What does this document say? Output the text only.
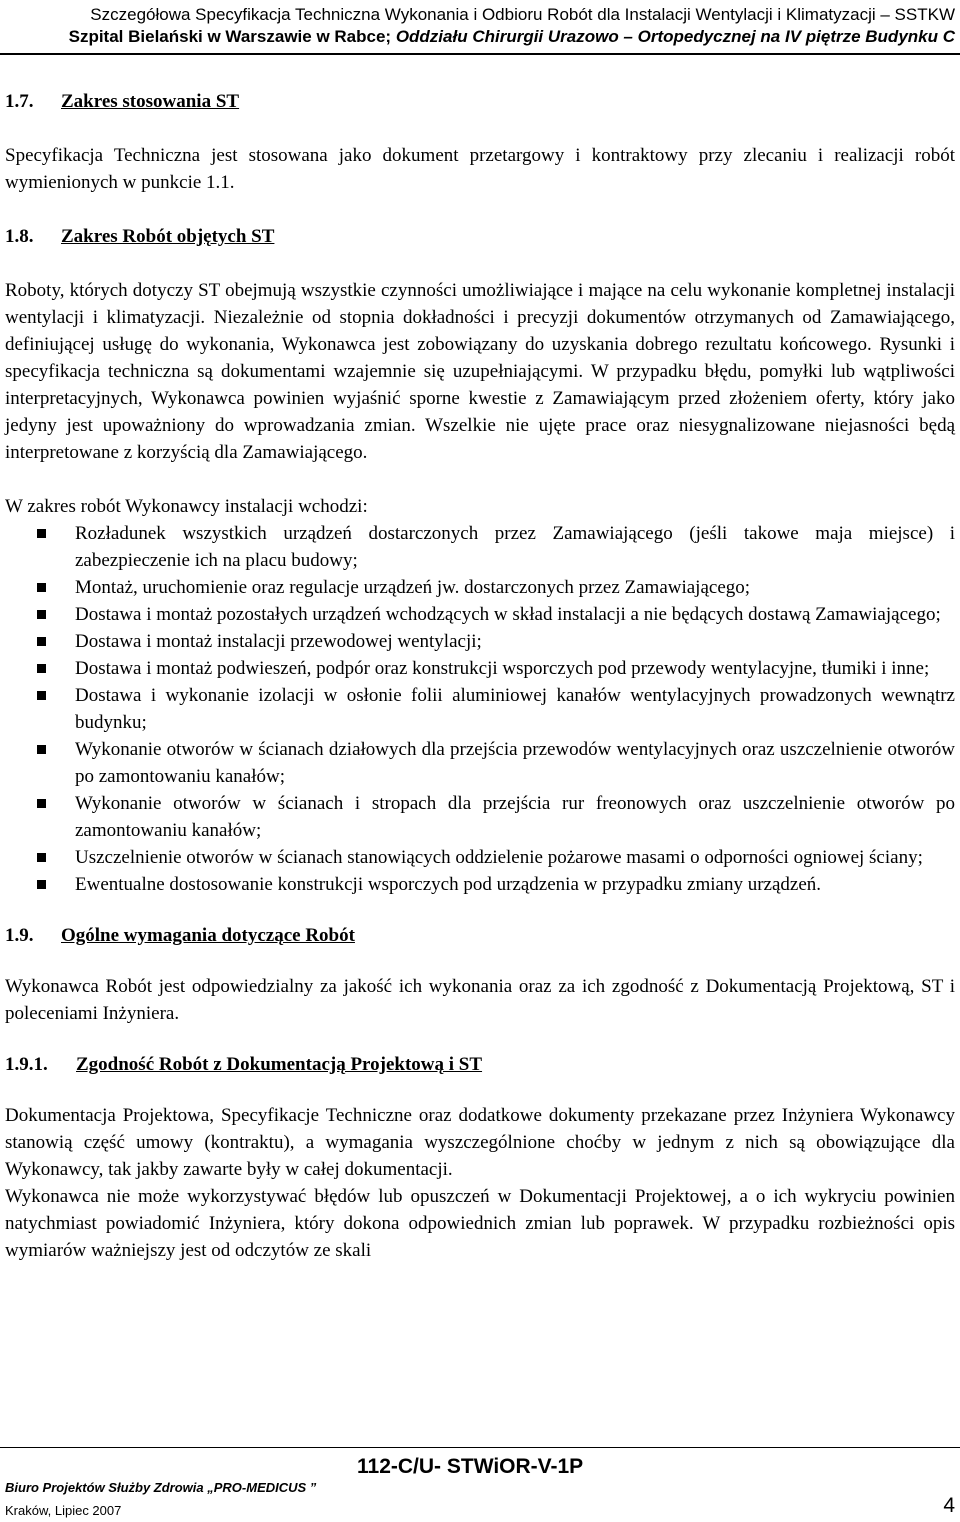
Szczegółowa Specyfikacja Techniczna Wykonania i Odbioru Robót dla Instalacji Wentylacji i Klimatyzacji – SSTKW
Szpital Bielański w Warszawie w Rabce; Oddziału Chirurgii Urazowo – Ortopedycznej na IV piętrze Budynku C

1.7. Zakres stosowania ST

Specyfikacja Techniczna jest stosowana jako dokument przetargowy i kontraktowy przy zlecaniu i realizacji robót wymienionych w punkcie 1.1.

1.8. Zakres Robót objętych ST

Roboty, których dotyczy ST obejmują wszystkie czynności umożliwiające i mające na celu wykonanie kompletnej instalacji wentylacji i klimatyzacji. Niezależnie od stopnia dokładności i precyzji dokumentów otrzymanych od Zamawiającego, definiującej usługę do wykonania, Wykonawca jest zobowiązany do uzyskania dobrego rezultatu końcowego. Rysunki i specyfikacja techniczna są dokumentami wzajemnie się uzupełniającymi. W przypadku błędu, pomyłki lub wątpliwości interpretacyjnych, Wykonawca powinien wyjaśnić sporne kwestie z Zamawiającym przed złożeniem oferty, który jako jedyny jest upoważniony do wprowadzania zmian. Wszelkie nie ujęte prace oraz niesygnalizowane niejasności będą interpretowane z korzyścią dla Zamawiającego.

W zakres robót Wykonawcy instalacji wchodzi:

Rozładunek wszystkich urządzeń dostarczonych przez Zamawiającego (jeśli takowe maja miejsce) i zabezpieczenie ich na placu budowy;
Montaż, uruchomienie oraz regulacje urządzeń jw. dostarczonych przez Zamawiającego;
Dostawa i montaż pozostałych urządzeń wchodzących w skład instalacji a nie będących dostawą Zamawiającego;
Dostawa i montaż instalacji przewodowej wentylacji;
Dostawa i montaż podwieszeń, podpór oraz konstrukcji wsporczych pod przewody wentylacyjne, tłumiki i inne;
Dostawa i wykonanie izolacji w osłonie folii aluminiowej kanałów wentylacyjnych prowadzonych wewnątrz budynku;
Wykonanie otworów w ścianach działowych dla przejścia przewodów wentylacyjnych oraz uszczelnienie otworów po zamontowaniu kanałów;
Wykonanie otworów w ścianach i stropach dla przejścia rur freonowych oraz uszczelnienie otworów po zamontowaniu kanałów;
Uszczelnienie otworów w ścianach stanowiących oddzielenie pożarowe masami o odporności ogniowej ściany;
Ewentualne dostosowanie konstrukcji wsporczych pod urządzenia w przypadku zmiany urządzeń.

1.9. Ogólne wymagania dotyczące Robót

Wykonawca Robót jest odpowiedzialny za jakość ich wykonania oraz za ich zgodność z Dokumentacją Projektową, ST i poleceniami Inżyniera.

1.9.1. Zgodność Robót z Dokumentacją Projektową i ST

Dokumentacja Projektowa, Specyfikacje Techniczne oraz dodatkowe dokumenty przekazane przez Inżyniera Wykonawcy stanowią część umowy (kontraktu), a wymagania wyszczególnione choćby w jednym z nich są obowiązujące dla Wykonawcy, tak jakby zawarte były w całej dokumentacji.

Wykonawca nie może wykorzystywać błędów lub opuszczeń w Dokumentacji Projektowej, a o ich wykryciu powinien natychmiast powiadomić Inżyniera, który dokona odpowiednich zmian lub poprawek. W przypadku rozbieżności opis wymiarów ważniejszy jest od odczytów ze skali

112-C/U- STWiOR-V-1P
Biuro Projektów Służby Zdrowia „PRO-MEDICUS ”
Kraków, Lipiec 2007	4
